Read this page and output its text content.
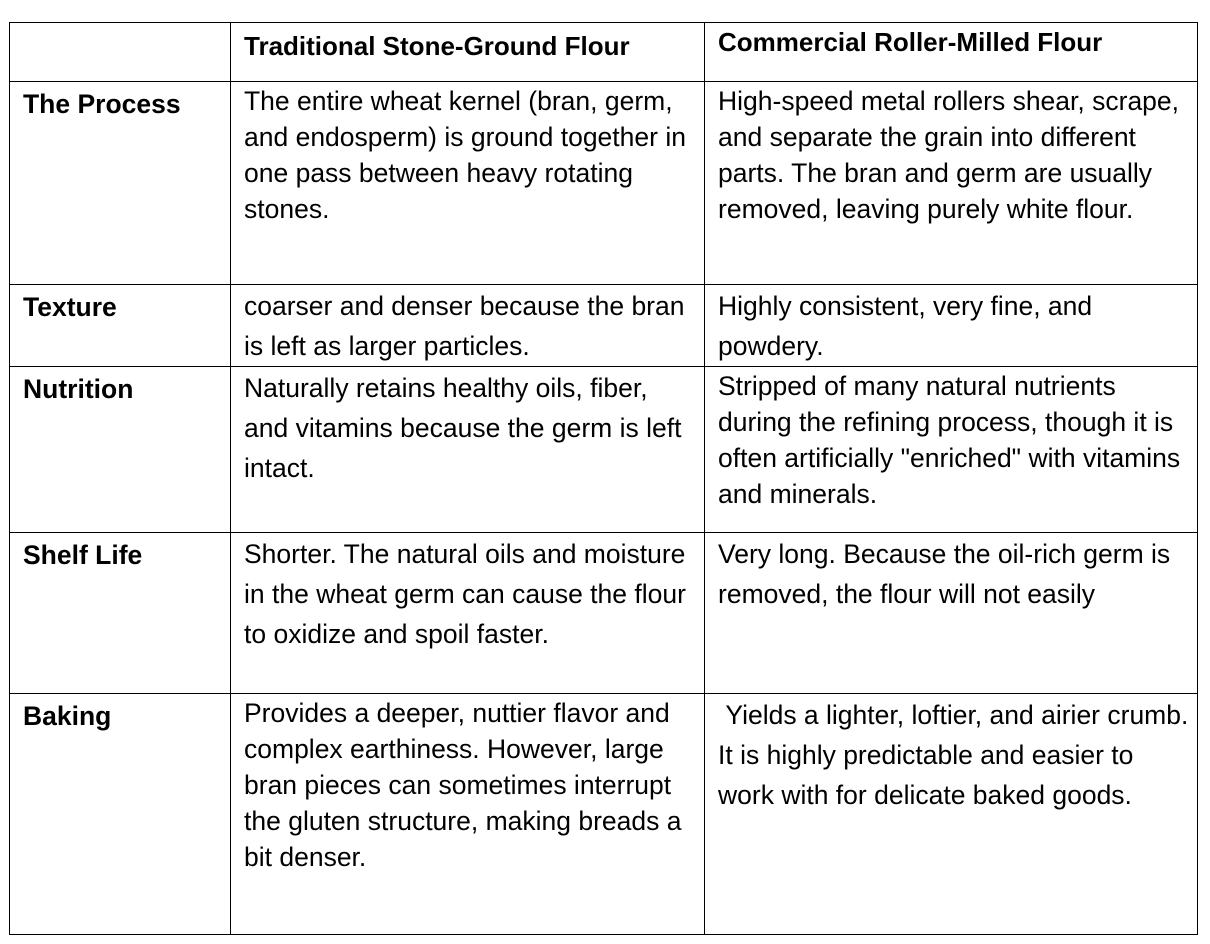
	Traditional Stone-Ground Flour	Commercial Roller-Milled Flour

The Process	The entire wheat kernel (bran, germ, and endosperm) is ground together in one pass between heavy rotating stones.	High-speed metal rollers shear, scrape, and separate the grain into different parts. The bran and germ are usually removed, leaving purely white flour.

Texture	coarser and denser because the bran is left as larger particles.	Highly consistent, very fine, and powdery.

Nutrition	Naturally retains healthy oils, fiber, and vitamins because the germ is left intact.	Stripped of many natural nutrients during the refining process, though it is often artificially "enriched" with vitamins and minerals.

Shelf Life	Shorter. The natural oils and moisture in the wheat germ can cause the flour to oxidize and spoil faster.	Very long. Because the oil-rich germ is removed, the flour will not easily

Baking	Provides a deeper, nuttier flavor and complex earthiness. However, large bran pieces can sometimes interrupt the gluten structure, making breads a bit denser.	Yields a lighter, loftier, and airier crumb. It is highly predictable and easier to work with for delicate baked goods.
